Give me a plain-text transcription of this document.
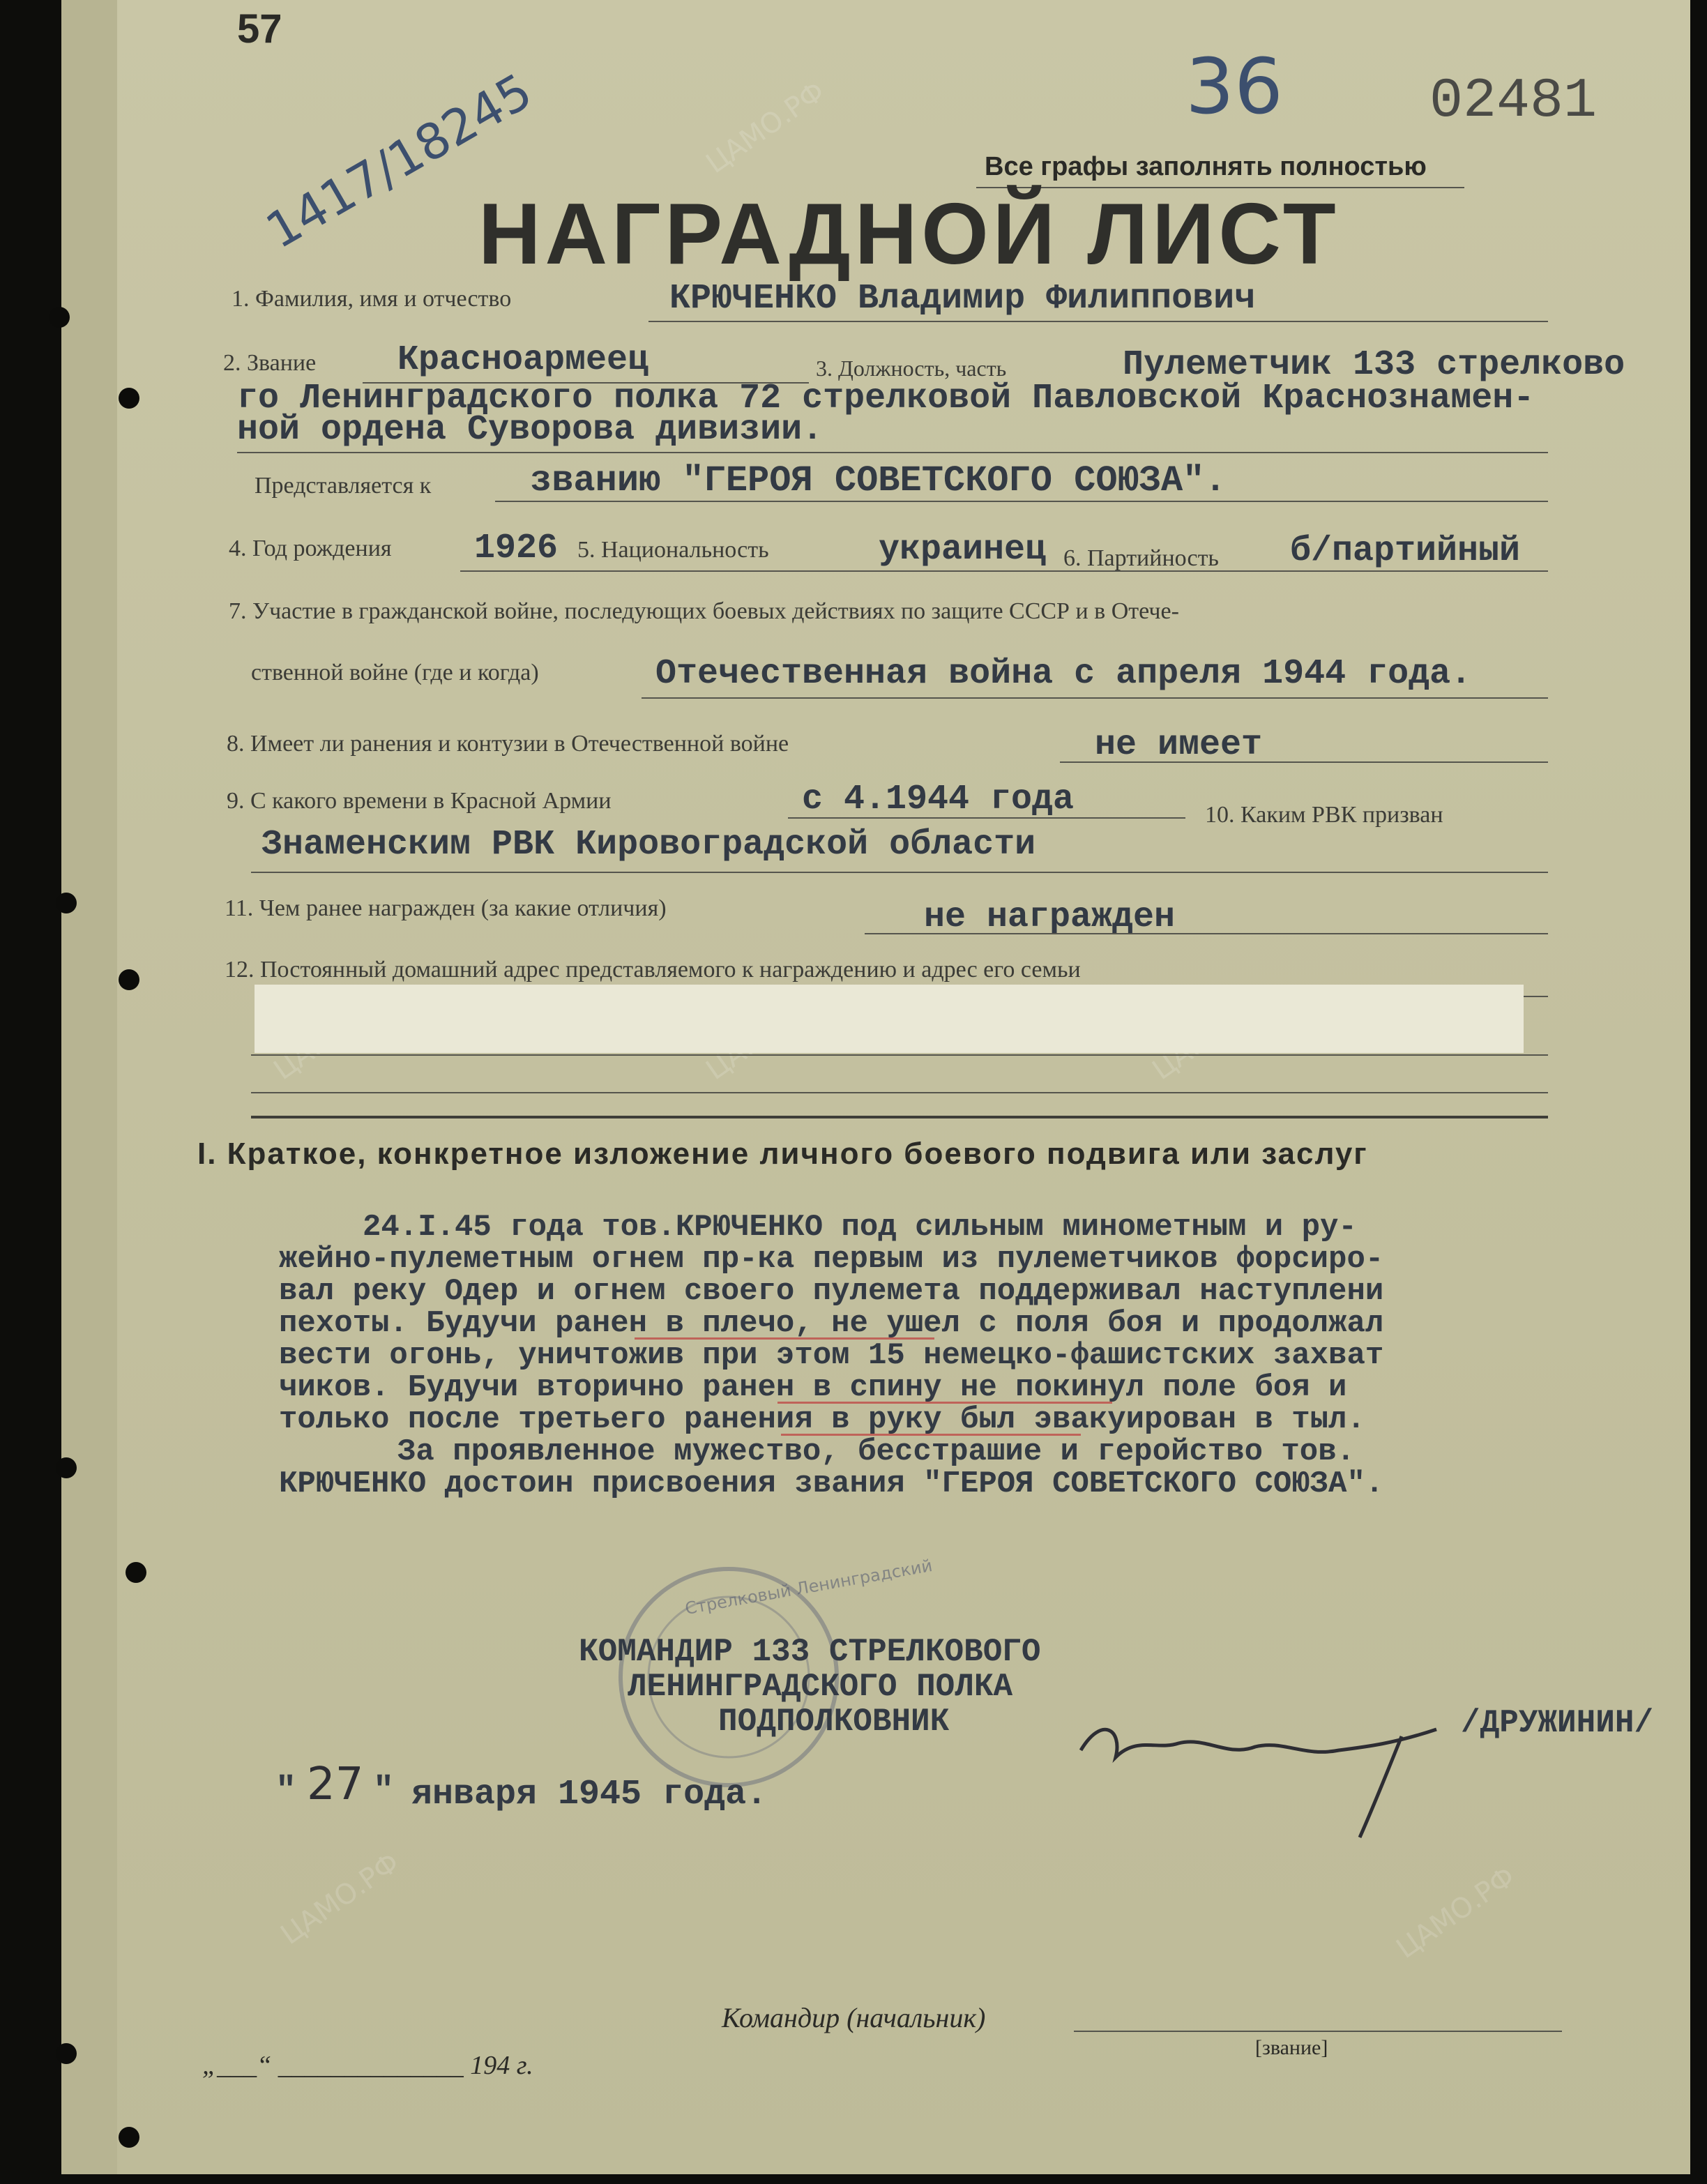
ЦАМО.РФ
ЦАМО.РФ	ЦАМО.РФ
57
36	02481
1417/18245	Все графы заполнять полностью
НАГРАДНОЙ ЛИСТ
1. Фамилия, имя и отчество	КРЮЧЕНКО Владимир Филиппович
2. Звание Красноармеец	3. Должность, часть	Пулеметчик 133 стрелково
го Ленинградского полка 72 стрелковой Павловской Краснознамен-
ной ордена Суворова дивизии.
Представляется к	званию "ГЕРОЯ СОВЕТСКОГО СОЮЗА".
4. Год рождения 1926 5. Национальность	украинец 6. Партийность б/партийный
7. Участие в гражданской войне, последующих боевых действиях по защите СССР и в Отече-
ственной войне (где и когда)	Отечественная война с апреля 1944 года.
8. Имеет ли ранения и контузии в Отечественной войне	не имеет
9. С какого времени в Красной Армии	с 4.1944 года	10. Каким РВК призван
Знаменским РВК Кировоградской области
11. Чем ранее награжден (за какие отличия)	не награжден
12. Постоянный домашний адрес представляемого к награждению и адрес его семьи
I. Краткое, конкретное изложение личного боевого подвига или заслуг
24.I.45 года тов.КРЮЧЕНКО под сильным минометным и ру-
жейно-пулеметным огнем пр-ка первым из пулеметчиков форсиро-
вал реку Одер и огнем своего пулемета поддерживал наступлени
пехоты. Будучи ранен в плечо, не ушел с поля боя и продолжал
вести огонь, уничтожив при этом 15 немецко-фашистских захват
чиков. Будучи вторично ранен в спину не покинул поле боя и
только после третьего ранения в руку был эвакуирован в тыл.
За проявленное мужество, бесстрашие и геройство тов.
КРЮЧЕНКО достоин присвоения звания "ГЕРОЯ СОВЕТСКОГО СОЮЗА".
Стрелковый Ленинградский
КОМАНДИР 133 СТРЕЛКОВОГО
ЛЕНИНГРАДСКОГО ПОЛКА
ПОДПОЛКОВНИК	/ДРУЖИНИН/
" 27 " января 1945 года.
Командир (начальник)
[звание]
„___“ ______________ 194 г.
